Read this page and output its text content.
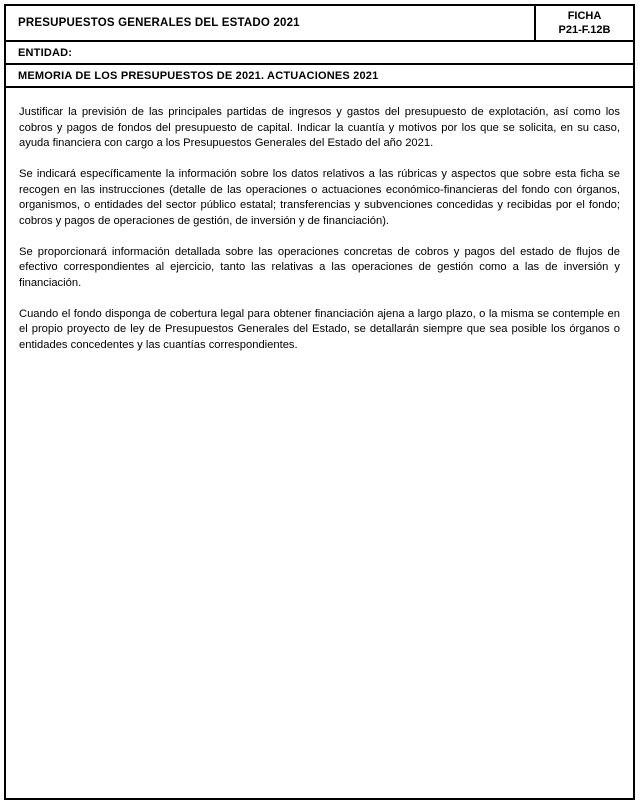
PRESUPUESTOS GENERALES DEL ESTADO 2021
FICHA
P21-F.12B
ENTIDAD:
MEMORIA DE LOS PRESUPUESTOS DE 2021. ACTUACIONES 2021

Justificar la previsión de las principales partidas de ingresos y gastos del presupuesto de explotación, así como los cobros y pagos de fondos del presupuesto de capital. Indicar la cuantía y motivos por los que se solicita, en su caso, ayuda financiera con cargo a los Presupuestos Generales del Estado del año 2021.

Se indicará específicamente la información sobre los datos relativos a las rúbricas y aspectos que sobre esta ficha se recogen en las instrucciones (detalle de las operaciones o actuaciones económico-financieras del fondo con órganos, organismos, o entidades del sector público estatal; transferencias y subvenciones concedidas y recibidas por el fondo; cobros y pagos de operaciones de gestión, de inversión y de financiación).

Se proporcionará información detallada sobre las operaciones concretas de cobros y pagos del estado de flujos de efectivo correspondientes al ejercicio, tanto las relativas a las operaciones de gestión como a las de inversión y financiación.

Cuando el fondo disponga de cobertura legal para obtener financiación ajena a largo plazo, o la misma se contemple en el propio proyecto de ley de Presupuestos Generales del Estado, se detallarán siempre que sea posible los órganos o entidades concedentes y las cuantías correspondientes.
